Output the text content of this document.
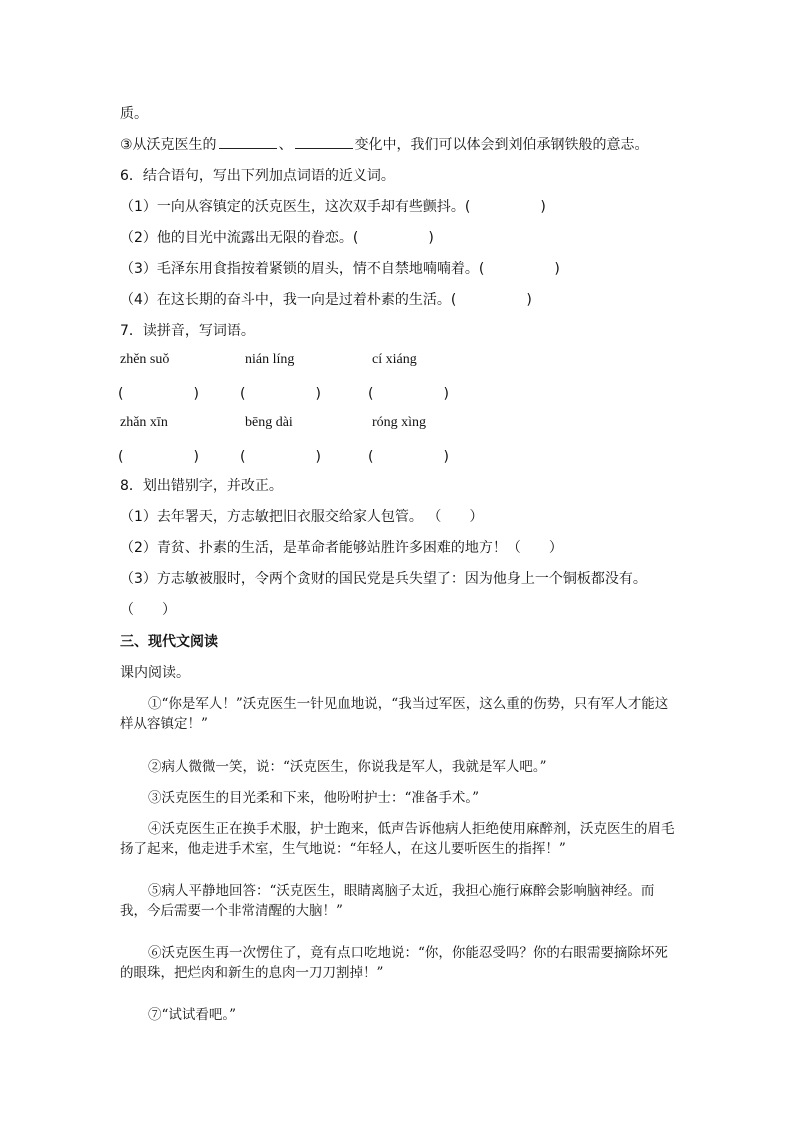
质。
③从沃克医生的	、	变化中，我们可以体会到刘伯承钢铁般的意志。
6．结合语句，写出下列加点词语的近义词。
（1）一向从容镇定的沃克医生，这次双手却有些颤抖。(　　　　　)
（2）他的目光中流露出无限的眷恋。(　　　　　)
（3）毛泽东用食指按着紧锁的眉头，情不自禁地喃喃着。(　　　　　)
（4）在这长期的奋斗中，我一向是过着朴素的生活。(　　　　　)
7．读拼音，写词语。
zhěn suǒ	nián líng	cí xiáng
(　　　　　)	(　　　　　)	(　　　　　)
zhǎn xīn	bēng dài	róng xìng
(　　　　　)	(　　　　　)	(　　　　　)
8．划出错别字，并改正。
（1）去年署天，方志敏把旧衣服交给家人包管。 （　　）
（2）青贫、扑素的生活，是革命者能够站胜许多困难的地方！（　　）
（3）方志敏被服时，令两个贪财的国民党是兵失望了：因为他身上一个铜板都没有。
（　　）
三、现代文阅读
课内阅读。
①“你是军人！”沃克医生一针见血地说，“我当过军医，这么重的伤势，只有军人才能这样从容镇定！”
②病人微微一笑，说：“沃克医生，你说我是军人，我就是军人吧。”
③沃克医生的目光柔和下来，他吩咐护士：“准备手术。”
④沃克医生正在换手术服，护士跑来，低声告诉他病人拒绝使用麻醉剂，沃克医生的眉毛扬了起来，他走进手术室，生气地说：“年轻人，在这儿要听医生的指挥！”
⑤病人平静地回答：“沃克医生，眼睛离脑子太近，我担心施行麻醉会影响脑神经。而我，今后需要一个非常清醒的大脑！”
⑥沃克医生再一次愣住了，竟有点口吃地说：“你，你能忍受吗？你的右眼需要摘除坏死的眼珠，把烂肉和新生的息肉一刀刀割掉！”
⑦“试试看吧。”
